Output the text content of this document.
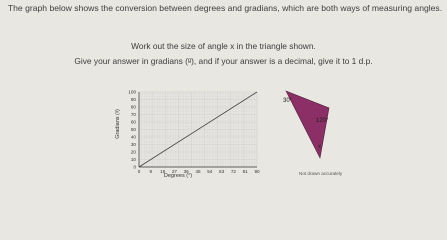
The graph below shows the conversion between degrees and gradians, which are both ways of measuring angles.
Work out the size of angle x in the triangle shown.
Give your answer in gradians (ᵍ), and if your answer is a decimal, give it to 1 d.p.
0 9 18 27 36 45 54 63 72 81 90
0
10
20
30
40
50
60
70
80
90
100
Degrees (°)
Gradians (ᵍ)
30°
120°
x
Not drawn accurately
